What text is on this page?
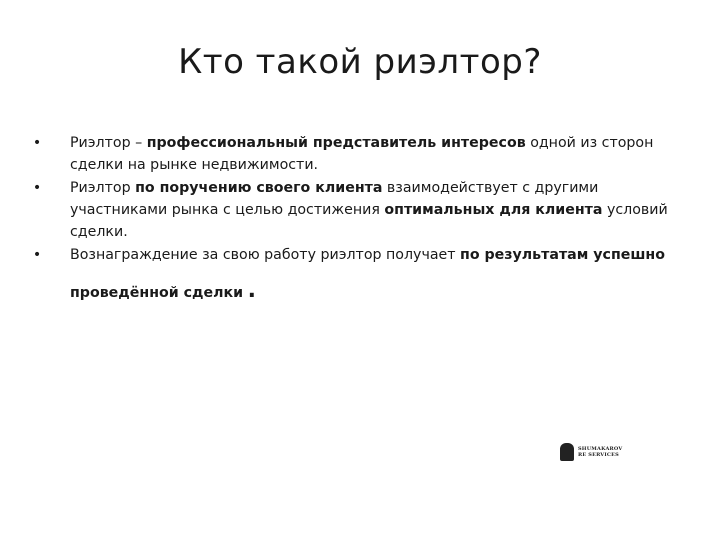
Кто такой риэлтор?
• Риэлтор – профессиональный представитель интересов одной из сторон сделки на рынке недвижимости.
• Риэлтор по поручению своего клиента взаимодействует с другими участниками рынка с целью достижения оптимальных для клиента условий сделки.
• Вознаграждение за свою работу риэлтор получает по результатам успешно
проведённой сделки .
SHUMAKAROV
RE SERVICES
